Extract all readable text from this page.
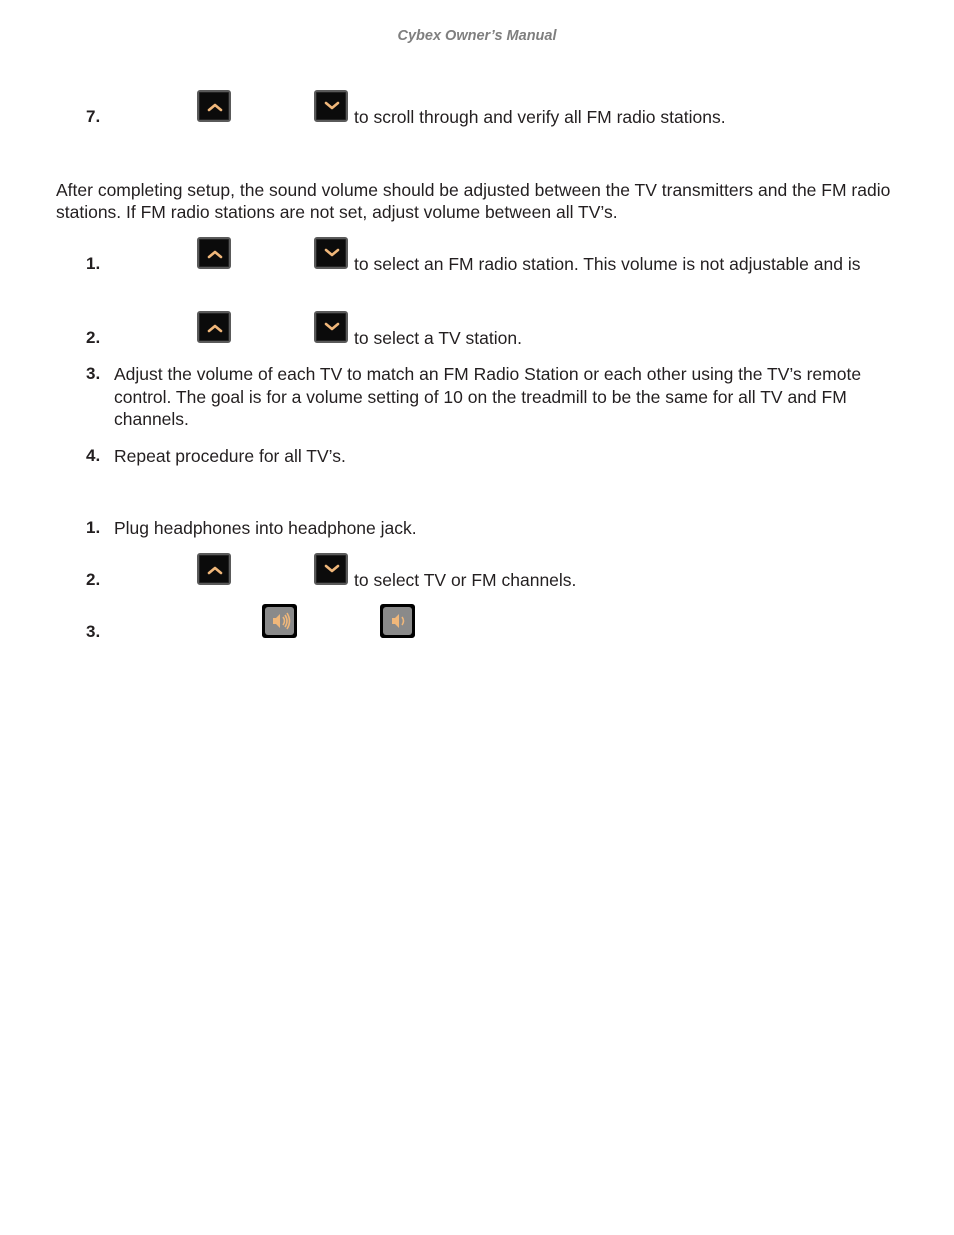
Cybex Owner’s Manual
7.	to scroll through and verify all FM radio stations.
After completing setup, the sound volume should be adjusted between the TV transmitters and the FM radio stations. If FM radio stations are not set, adjust volume between all TV’s.
1.	to select an FM radio station. This volume is not adjustable and is
2.	to select a TV station.
3. Adjust the volume of each TV to match an FM Radio Station or each other using the TV’s remote control. The goal is for a volume setting of 10 on the treadmill to be the same for all TV and FM channels.
4. Repeat procedure for all TV’s.
1. Plug headphones into headphone jack.
2.	to select TV or FM channels.
3.
